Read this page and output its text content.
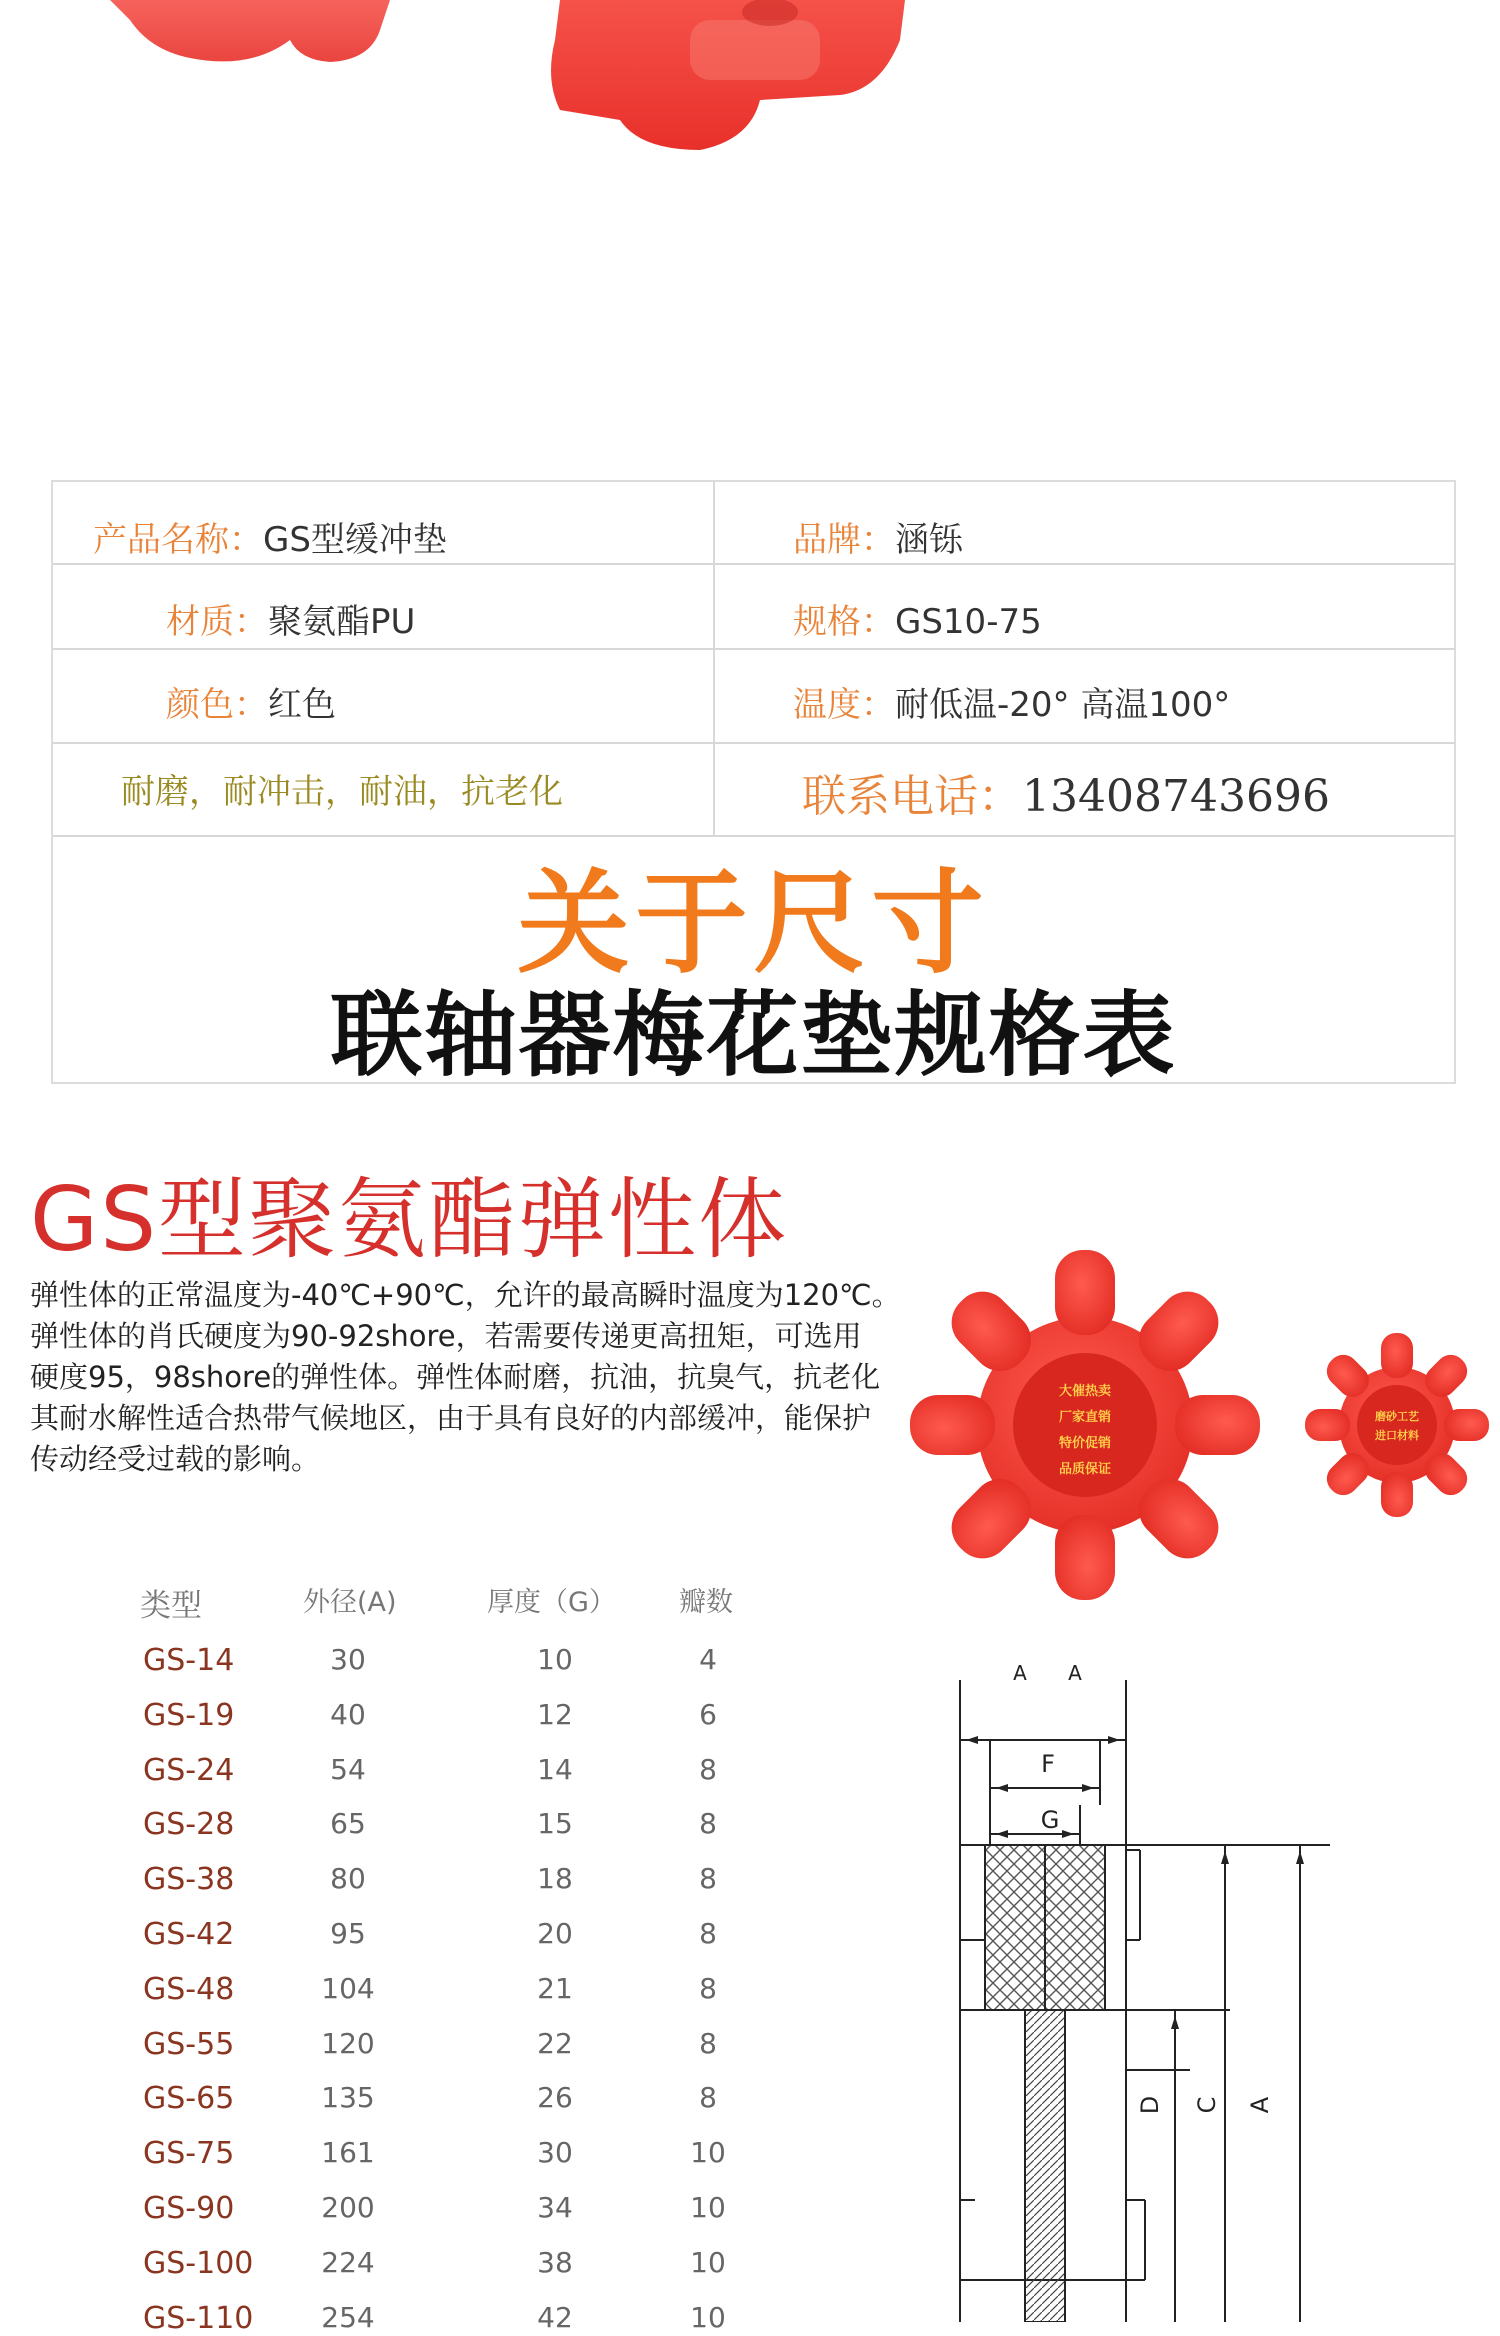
产品名称：GS型缓冲垫	品牌：涵铄
材质：聚氨酯PU	规格：GS10-75
颜色：红色	温度：耐低温-20° 高温100°
耐磨，耐冲击，耐油，抗老化	联系电话：13408743696
关于尺寸
联轴器梅花垫规格表
GS型聚氨酯弹性体
弹性体的正常温度为-40℃+90℃，允许的最高瞬时温度为120℃。
弹性体的肖氏硬度为90-92shore，若需要传递更高扭矩，可选用
硬度95，98shore的弹性体。弹性体耐磨，抗油，抗臭气，抗老化
其耐水解性适合热带气候地区，由于具有良好的内部缓冲，能保护
传动经受过载的影响。
大催热卖
厂家直销
特价促销
品质保证
磨砂工艺
进口材料
类型	外径(A)	厚度（G） 瓣数
GS-14	30	10	4
GS-19	40	12	6
GS-24	54	14	8
GS-28	65	15	8
GS-38	80	18	8
GS-42	95	20	8
GS-48	104	21	8
GS-55	120	22	8
GS-65	135	26	8
GS-75	161	30	10
GS-90	200	34	10
GS-100	224	38	10
GS-110	254	42	10
A A
F
G
D C A
